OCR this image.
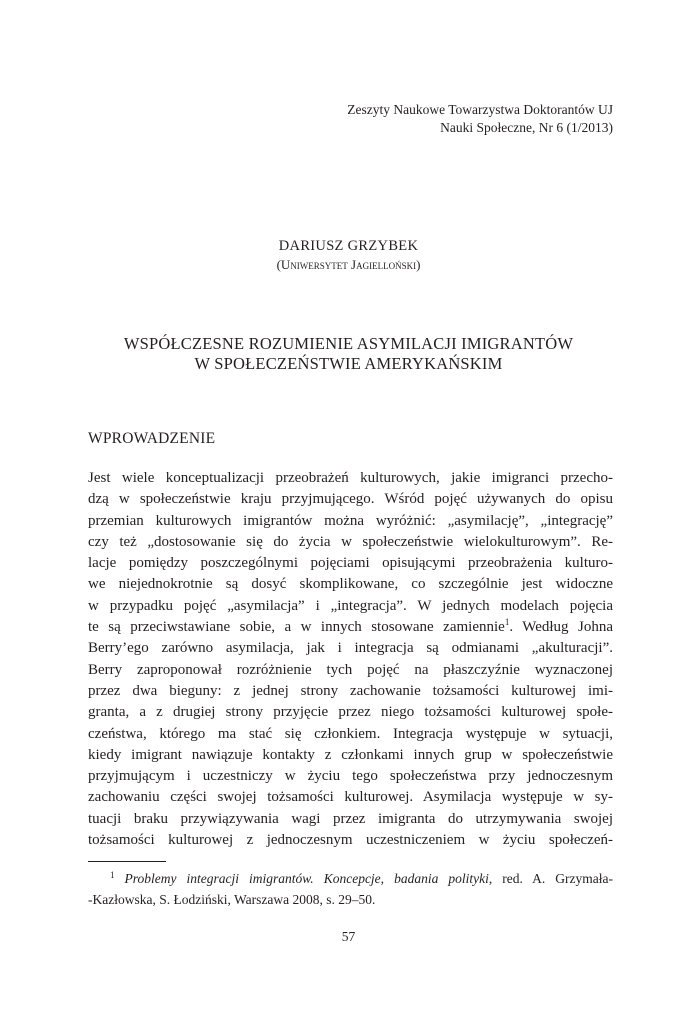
Zeszyty Naukowe Towarzystwa Doktorantów UJ
Nauki Społeczne, Nr 6 (1/2013)
DARIUSZ GRZYBEK
(Uniwersytet Jagielloński)
WSPÓŁCZESNE ROZUMIENIE ASYMILACJI IMIGRANTÓW
W SPOŁECZEŃSTWIE AMERYKAŃSKIM
WPROWADZENIE
Jest wiele konceptualizacji przeobrażeń kulturowych, jakie imigranci przecho-
dzą w społeczeństwie kraju przyjmującego. Wśród pojęć używanych do opisu
przemian kulturowych imigrantów można wyróżnić: „asymilację”, „integrację”
czy też „dostosowanie się do życia w społeczeństwie wielokulturowym”. Re-
lacje pomiędzy poszczególnymi pojęciami opisującymi przeobrażenia kulturo-
we niejednokrotnie są dosyć skomplikowane, co szczególnie jest widoczne
w przypadku pojęć „asymilacja” i „integracja”. W jednych modelach pojęcia
te są przeciwstawiane sobie, a w innych stosowane zamiennie$^1$. Według Johna
Berry’ego zarówno asymilacja, jak i integracja są odmianami „akulturacji”.
Berry zaproponował rozróżnienie tych pojęć na płaszczyźnie wyznaczonej
przez dwa bieguny: z jednej strony zachowanie tożsamości kulturowej imi-
granta, a z drugiej strony przyjęcie przez niego tożsamości kulturowej społe-
czeństwa, którego ma stać się członkiem. Integracja występuje w sytuacji,
kiedy imigrant nawiązuje kontakty z członkami innych grup w społeczeństwie
przyjmującym i uczestniczy w życiu tego społeczeństwa przy jednoczesnym
zachowaniu części swojej tożsamości kulturowej. Asymilacja występuje w sy-
tuacji braku przywiązywania wagi przez imigranta do utrzymywania swojej
tożsamości kulturowej z jednoczesnym uczestniczeniem w życiu społeczeń-
$^1$ Problemy integracji imigrantów. Koncepcje, badania polityki, red. A. Grzymała-
-Kazłowska, S. Łodziński, Warszawa 2008, s. 29–50.
57
